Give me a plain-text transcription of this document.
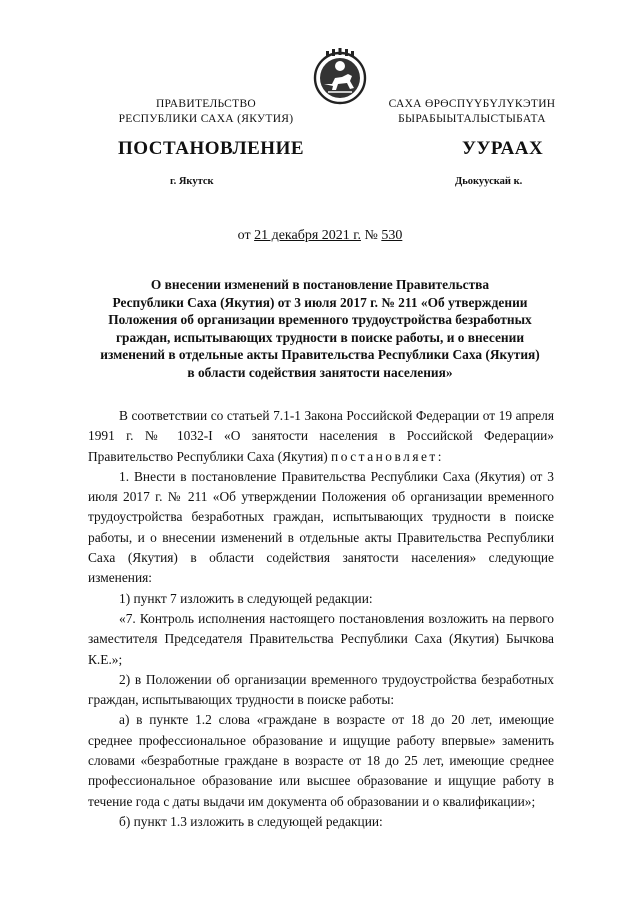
ПРАВИТЕЛЬСТВО
РЕСПУБЛИКИ САХА (ЯКУТИЯ)
САХА ӨРӨСПҮҮБҮЛҮКЭТИН
БЫРАБЫЫТАЛЫСТЫБАТА
ПОСТАНОВЛЕНИЕ	УУРААХ
г. Якутск	Дьокуускай к.
от 21 декабря 2021 г. № 530
О внесении изменений в постановление Правительства
Республики Саха (Якутия) от 3 июля 2017 г. № 211 «Об утверждении
Положения об организации временного трудоустройства безработных
граждан, испытывающих трудности в поиске работы, и о внесении
изменений в отдельные акты Правительства Республики Саха (Якутия)
в области содействия занятости населения»

В соответствии со статьей 7.1-1 Закона Российской Федерации от 19 апреля 1991 г. № 1032-I «О занятости населения в Российской Федерации» Правительство Республики Саха (Якутия) постановляет:

1. Внести в постановление Правительства Республики Саха (Якутия) от 3 июля 2017 г. № 211 «Об утверждении Положения об организации временного трудоустройства безработных граждан, испытывающих трудности в поиске работы, и о внесении изменений в отдельные акты Правительства Республики Саха (Якутия) в области содействия занятости населения» следующие изменения:

1) пункт 7 изложить в следующей редакции:

«7. Контроль исполнения настоящего постановления возложить на первого заместителя Председателя Правительства Республики Саха (Якутия) Бычкова К.Е.»;

2) в Положении об организации временного трудоустройства безработных граждан, испытывающих трудности в поиске работы:

а) в пункте 1.2 слова «граждане в возрасте от 18 до 20 лет, имеющие среднее профессиональное образование и ищущие работу впервые» заменить словами «безработные граждане в возрасте от 18 до 25 лет, имеющие среднее профессиональное образование или высшее образование и ищущие работу в течение года с даты выдачи им документа об образовании и о квалификации»;

б) пункт 1.3 изложить в следующей редакции:
